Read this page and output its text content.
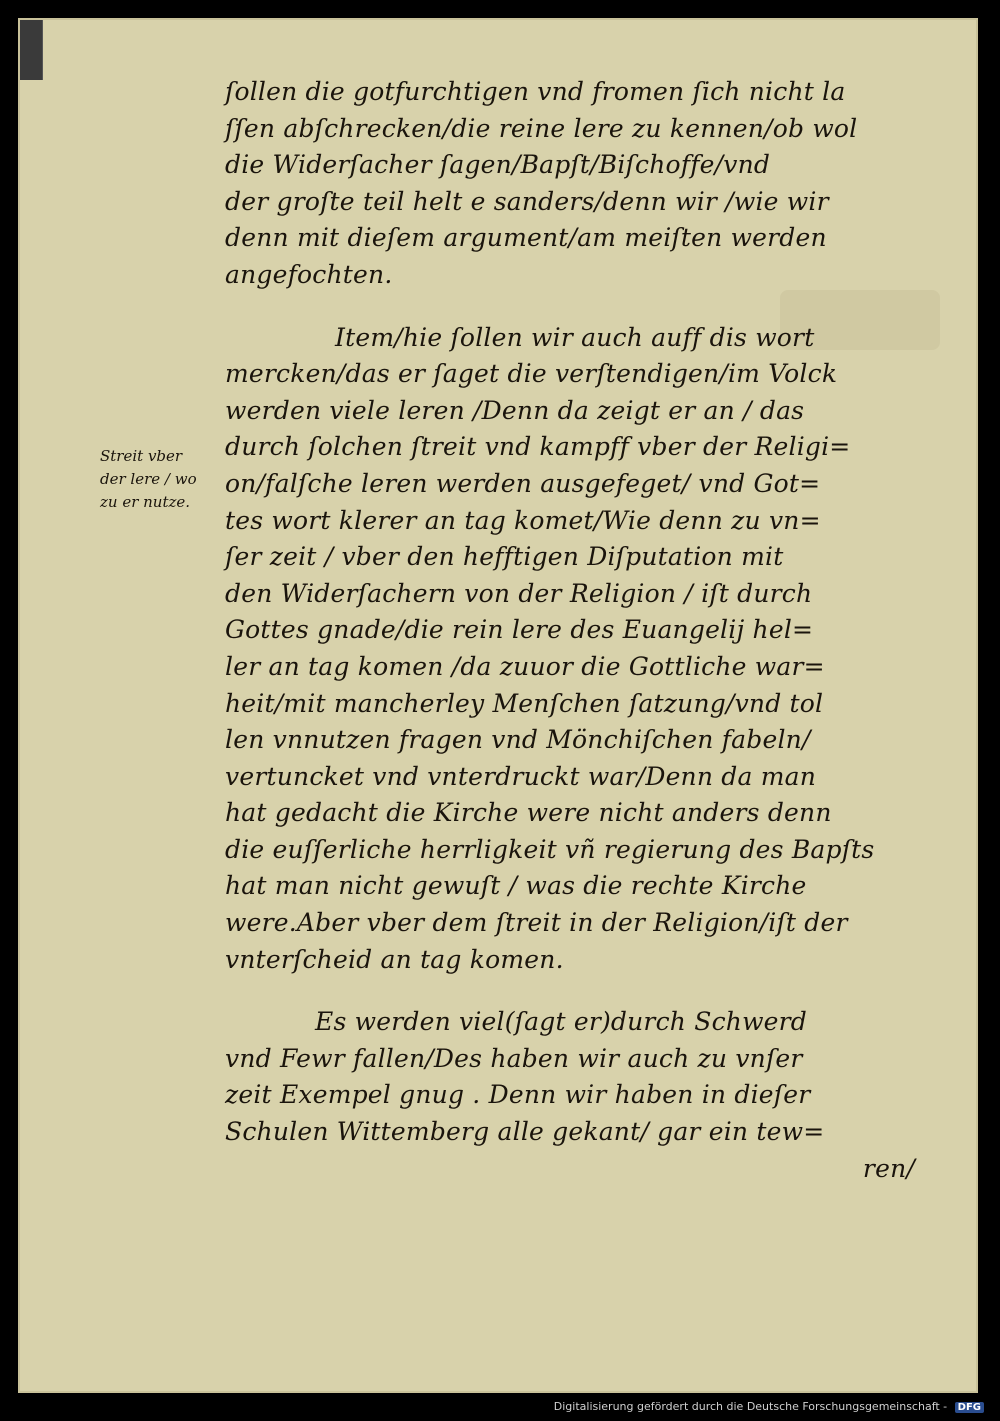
Streit vber
der lere / wo
zu er nutze.
ſollen die gotfurchtigen vnd fromen ſich nicht la
ſſen abſchrecken/die reine lere zu kennen/ob wol
die Widerſacher ſagen/Bapſt/Biſchoffe/vnd
der groſte teil helt e sanders/denn wir /wie wir
denn mit dieſem argument/am meiſten werden
angefochten.
Item/hie ſollen wir auch auff dis wort
mercken/das er ſaget die verſtendigen/im Volck
werden viele leren /Denn da zeigt er an / das
durch ſolchen ſtreit vnd kampff vber der Religi=
on/falſche leren werden ausgefeget/ vnd Got=
tes wort klerer an tag komet/Wie denn zu vn=
ſer zeit / vber den hefftigen Diſputation mit
den Widerſachern von der Religion / iſt durch
Gottes gnade/die rein lere des Euangelij hel=
ler an tag komen /da zuuor die Gottliche war=
heit/mit mancherley Menſchen ſatzung/vnd tol
len vnnutzen fragen vnd Mönchiſchen fabeln/
vertuncket vnd vnterdruckt war/Denn da man
hat gedacht die Kirche were nicht anders denn
die euſſerliche herrligkeit vñ regierung des Bapſts
hat man nicht gewuſt / was die rechte Kirche
were.Aber vber dem ſtreit in der Religion/iſt der
vnterſcheid an tag komen.
Es werden viel(ſagt er)durch Schwerd
vnd Fewr fallen/Des haben wir auch zu vnſer
zeit Exempel gnug . Denn wir haben in dieſer
Schulen Wittemberg alle gekant/ gar ein tew=
ren/
Digitalisierung gefördert durch die Deutsche Forschungsgemeinschaft - DFG
